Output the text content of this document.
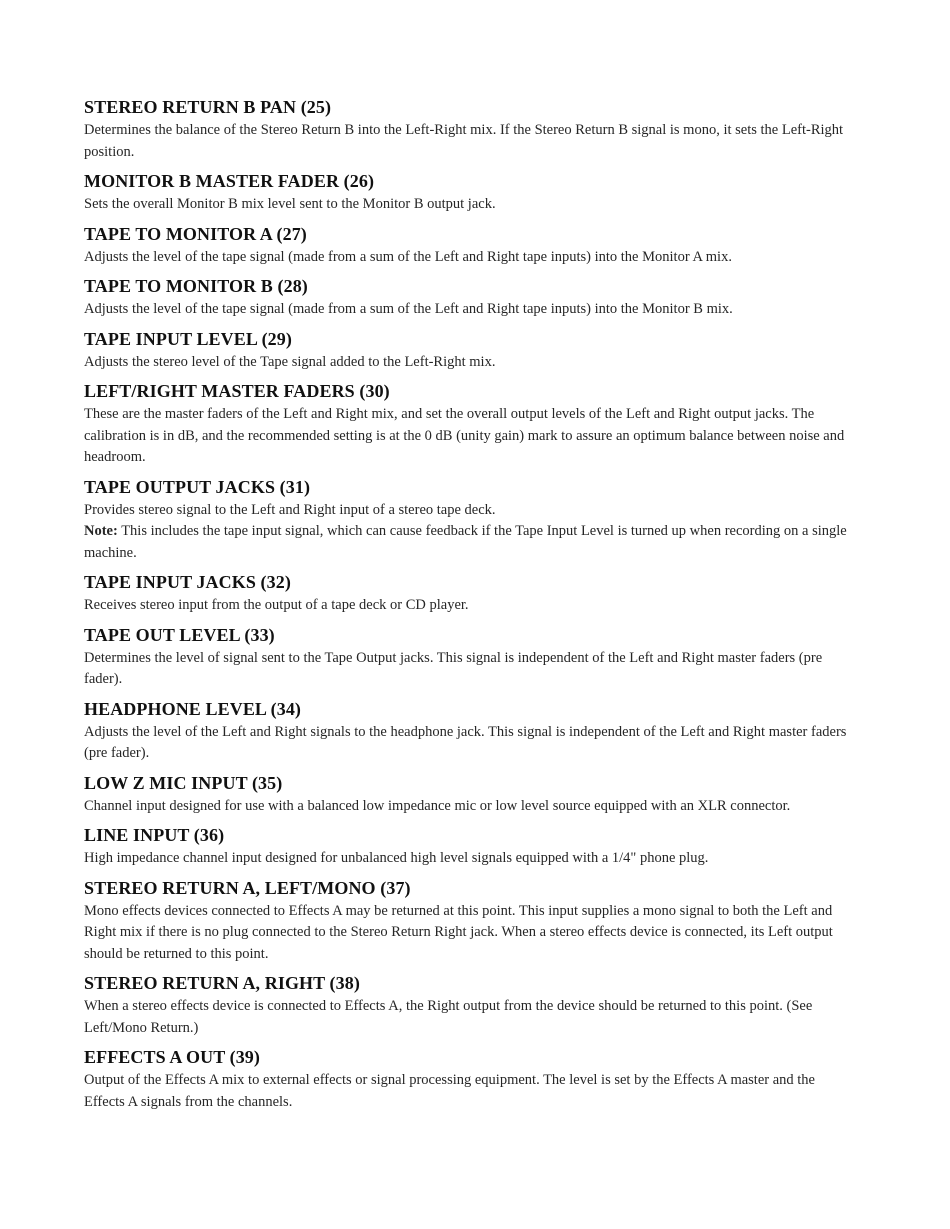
STEREO RETURN B PAN (25)

Determines the balance of the Stereo Return B into the Left-Right mix. If the Stereo Return B signal is mono, it sets the Left-Right position.

MONITOR B MASTER FADER (26)

Sets the overall Monitor B mix level sent to the Monitor B output jack.

TAPE TO MONITOR A (27)

Adjusts the level of the tape signal (made from a sum of the Left and Right tape inputs) into the Monitor A mix.

TAPE TO MONITOR B (28)

Adjusts the level of the tape signal (made from a sum of the Left and Right tape inputs) into the Monitor B mix.

TAPE INPUT LEVEL (29)

Adjusts the stereo level of the Tape signal added to the Left-Right mix.

LEFT/RIGHT MASTER FADERS (30)

These are the master faders of the Left and Right mix, and set the overall output levels of the Left and Right output jacks. The calibration is in dB, and the recommended setting is at the 0 dB (unity gain) mark to assure an optimum balance between noise and headroom.

TAPE OUTPUT JACKS (31)

Provides stereo signal to the Left and Right input of a stereo tape deck.

Note: This includes the tape input signal, which can cause feedback if the Tape Input Level is turned up when recording on a single machine.

TAPE INPUT JACKS (32)

Receives stereo input from the output of a tape deck or CD player.

TAPE OUT LEVEL (33)

Determines the level of signal sent to the Tape Output jacks. This signal is independent of the Left and Right master faders (pre fader).

HEADPHONE LEVEL (34)

Adjusts the level of the Left and Right signals to the headphone jack. This signal is independent of the Left and Right master faders (pre fader).

LOW Z MIC INPUT (35)

Channel input designed for use with a balanced low impedance mic or low level source equipped with an XLR connector.

LINE INPUT (36)

High impedance channel input designed for unbalanced high level signals equipped with a 1/4" phone plug.

STEREO RETURN A, LEFT/MONO (37)

Mono effects devices connected to Effects A may be returned at this point. This input supplies a mono signal to both the Left and Right mix if there is no plug connected to the Stereo Return Right jack. When a stereo effects device is connected, its Left output should be returned to this point.

STEREO RETURN A, RIGHT (38)

When a stereo effects device is connected to Effects A, the Right output from the device should be returned to this point. (See Left/Mono Return.)

EFFECTS A OUT (39)

Output of the Effects A mix to external effects or signal processing equipment. The level is set by the Effects A master and the Effects A signals from the channels.
